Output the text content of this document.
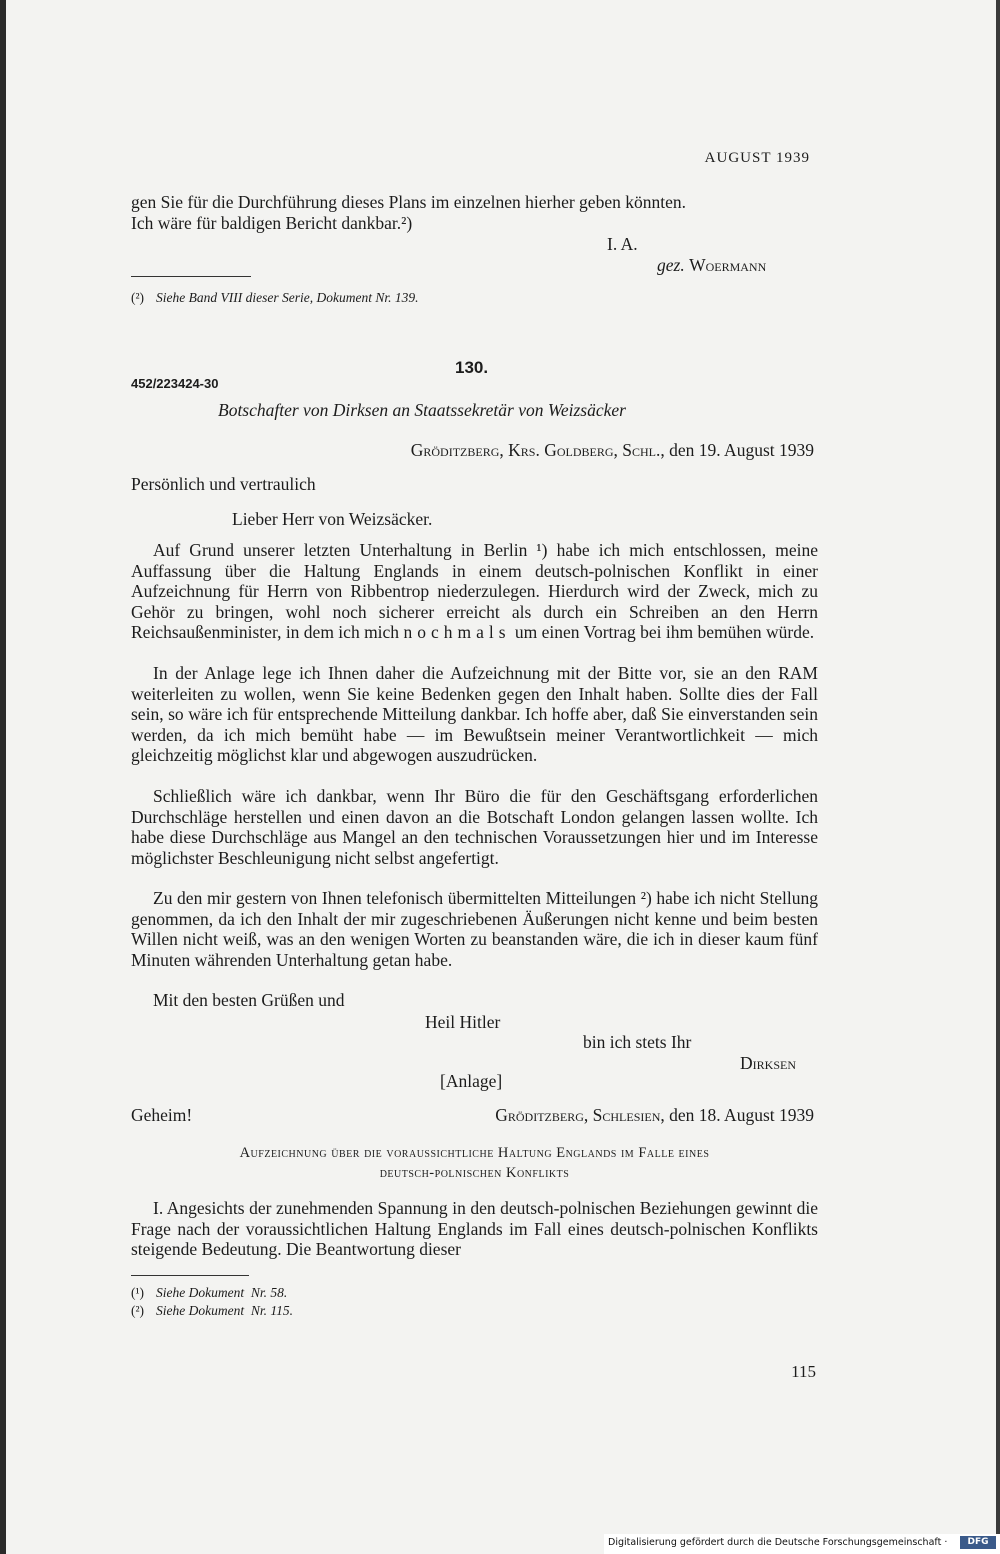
AUGUST 1939
gen Sie für die Durchführung dieses Plans im einzelnen hierher geben könnten.
Ich wäre für baldigen Bericht dankbar.²)
I. A.
gez. Woermann
(²) Siehe Band VIII dieser Serie, Dokument Nr. 139.
130.
452/223424-30
Botschafter von Dirksen an Staatssekretär von Weizsäcker
Gröditzberg, Krs. Goldberg, Schl., den 19. August 1939
Persönlich und vertraulich
Lieber Herr von Weizsäcker.
Auf Grund unserer letzten Unterhaltung in Berlin ¹) habe ich mich entschlossen, meine Auffassung über die Haltung Englands in einem deutsch-polnischen Konflikt in einer Aufzeichnung für Herrn von Ribbentrop niederzulegen. Hierdurch wird der Zweck, mich zu Gehör zu bringen, wohl noch sicherer erreicht als durch ein Schreiben an den Herrn Reichsaußenminister, in dem ich mich nochmals um einen Vortrag bei ihm bemühen würde.
In der Anlage lege ich Ihnen daher die Aufzeichnung mit der Bitte vor, sie an den RAM weiterleiten zu wollen, wenn Sie keine Bedenken gegen den Inhalt haben. Sollte dies der Fall sein, so wäre ich für entsprechende Mitteilung dankbar. Ich hoffe aber, daß Sie einverstanden sein werden, da ich mich bemüht habe — im Bewußtsein meiner Verantwortlichkeit — mich gleichzeitig möglichst klar und abgewogen auszudrücken.
Schließlich wäre ich dankbar, wenn Ihr Büro die für den Geschäftsgang erforderlichen Durchschläge herstellen und einen davon an die Botschaft London gelangen lassen wollte. Ich habe diese Durchschläge aus Mangel an den technischen Voraussetzungen hier und im Interesse möglichster Beschleunigung nicht selbst angefertigt.
Zu den mir gestern von Ihnen telefonisch übermittelten Mitteilungen ²) habe ich nicht Stellung genommen, da ich den Inhalt der mir zugeschriebenen Äußerungen nicht kenne und beim besten Willen nicht weiß, was an den wenigen Worten zu beanstanden wäre, die ich in dieser kaum fünf Minuten währenden Unterhaltung getan habe.
Mit den besten Grüßen und
Heil Hitler
bin ich stets Ihr
Dirksen
[Anlage]
Geheim!	Gröditzberg, Schlesien, den 18. August 1939
Aufzeichnung über die voraussichtliche Haltung Englands im Falle eines
deutsch-polnischen Konflikts
I. Angesichts der zunehmenden Spannung in den deutsch-polnischen Beziehungen gewinnt die Frage nach der voraussichtlichen Haltung Englands im Fall eines deutsch-polnischen Konflikts steigende Bedeutung. Die Beantwortung dieser
(¹) Siehe Dokument  Nr. 58.
(²) Siehe Dokument  Nr. 115.
115
Digitalisierung gefördert durch die Deutsche Forschungsgemeinschaft ·	DFG
